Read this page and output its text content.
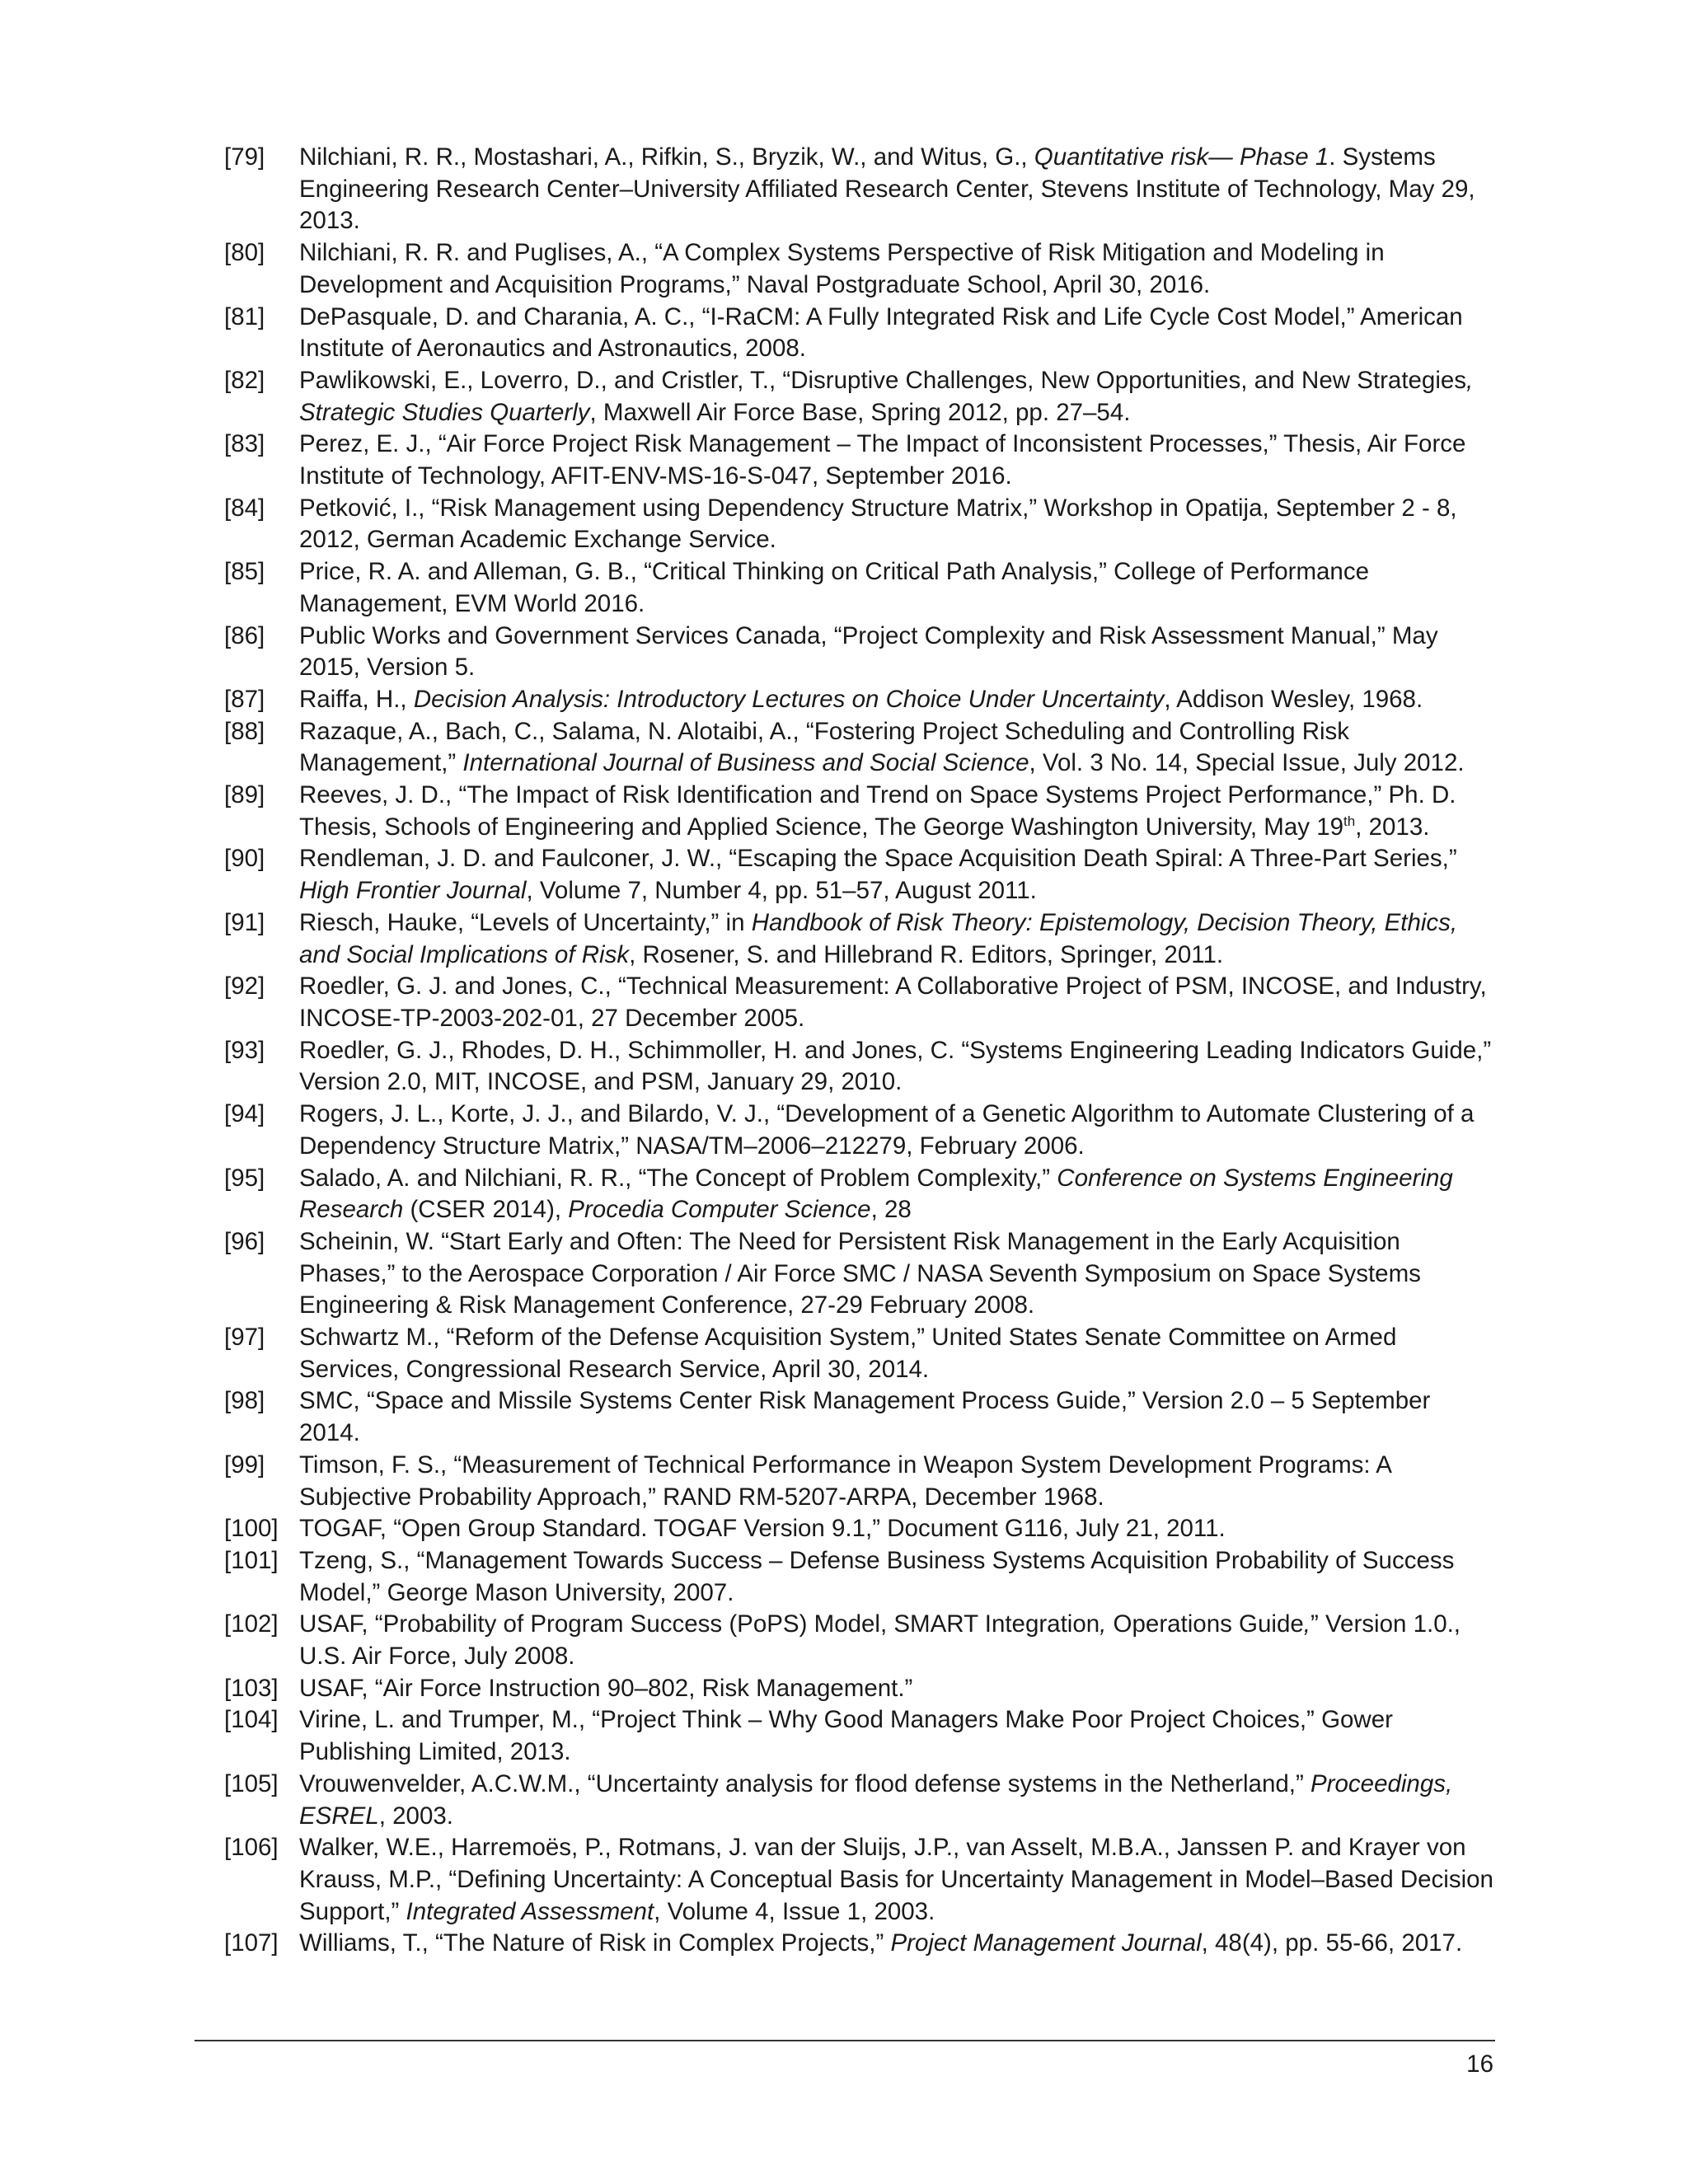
[79] Nilchiani, R. R., Mostashari, A., Rifkin, S., Bryzik, W., and Witus, G., Quantitative risk— Phase 1. Systems Engineering Research Center–University Affiliated Research Center, Stevens Institute of Technology, May 29, 2013.
[80] Nilchiani, R. R. and Puglises, A., “A Complex Systems Perspective of Risk Mitigation and Modeling in Development and Acquisition Programs,” Naval Postgraduate School, April 30, 2016.
[81] DePasquale, D. and Charania, A. C., “I-RaCM: A Fully Integrated Risk and Life Cycle Cost Model,” American Institute of Aeronautics and Astronautics, 2008.
[82] Pawlikowski, E., Loverro, D., and Cristler, T., “Disruptive Challenges, New Opportunities, and New Strategies, Strategic Studies Quarterly, Maxwell Air Force Base, Spring 2012, pp. 27–54.
[83] Perez, E. J., “Air Force Project Risk Management – The Impact of Inconsistent Processes,” Thesis, Air Force Institute of Technology, AFIT-ENV-MS-16-S-047, September 2016.
[84] Petković, I., “Risk Management using Dependency Structure Matrix,” Workshop in Opatija, September 2 - 8, 2012, German Academic Exchange Service.
[85] Price, R. A. and Alleman, G. B., “Critical Thinking on Critical Path Analysis,” College of Performance Management, EVM World 2016.
[86] Public Works and Government Services Canada, “Project Complexity and Risk Assessment Manual,” May 2015, Version 5.
[87] Raiffa, H., Decision Analysis: Introductory Lectures on Choice Under Uncertainty, Addison Wesley, 1968.
[88] Razaque, A., Bach, C., Salama, N. Alotaibi, A., “Fostering Project Scheduling and Controlling Risk Management,” International Journal of Business and Social Science, Vol. 3 No. 14, Special Issue, July 2012.
[89] Reeves, J. D., “The Impact of Risk Identification and Trend on Space Systems Project Performance,” Ph. D. Thesis, Schools of Engineering and Applied Science, The George Washington University, May 19th, 2013.
[90] Rendleman, J. D. and Faulconer, J. W., “Escaping the Space Acquisition Death Spiral: A Three-Part Series,” High Frontier Journal, Volume 7, Number 4, pp. 51–57, August 2011.
[91] Riesch, Hauke, “Levels of Uncertainty,” in Handbook of Risk Theory: Epistemology, Decision Theory, Ethics, and Social Implications of Risk, Rosener, S. and Hillebrand R. Editors, Springer, 2011.
[92] Roedler, G. J. and Jones, C., “Technical Measurement: A Collaborative Project of PSM, INCOSE, and Industry, INCOSE-TP-2003-202-01, 27 December 2005.
[93] Roedler, G. J., Rhodes, D. H., Schimmoller, H. and Jones, C. “Systems Engineering Leading Indicators Guide,” Version 2.0, MIT, INCOSE, and PSM, January 29, 2010.
[94] Rogers, J. L., Korte, J. J., and Bilardo, V. J., “Development of a Genetic Algorithm to Automate Clustering of a Dependency Structure Matrix,” NASA/TM–2006–212279, February 2006.
[95] Salado, A. and Nilchiani, R. R., “The Concept of Problem Complexity,” Conference on Systems Engineering Research (CSER 2014), Procedia Computer Science, 28
[96] Scheinin, W. “Start Early and Often: The Need for Persistent Risk Management in the Early Acquisition Phases,” to the Aerospace Corporation / Air Force SMC / NASA Seventh Symposium on Space Systems Engineering & Risk Management Conference, 27-29 February 2008.
[97] Schwartz M., “Reform of the Defense Acquisition System,” United States Senate Committee on Armed Services, Congressional Research Service, April 30, 2014.
[98] SMC, “Space and Missile Systems Center Risk Management Process Guide,” Version 2.0 – 5 September 2014.
[99] Timson, F. S., “Measurement of Technical Performance in Weapon System Development Programs: A Subjective Probability Approach,” RAND RM-5207-ARPA, December 1968.
[100] TOGAF, “Open Group Standard. TOGAF Version 9.1,” Document G116, July 21, 2011.
[101] Tzeng, S., “Management Towards Success – Defense Business Systems Acquisition Probability of Success Model,” George Mason University, 2007.
[102] USAF, “Probability of Program Success (PoPS) Model, SMART Integration, Operations Guide,” Version 1.0., U.S. Air Force, July 2008.
[103] USAF, “Air Force Instruction 90–802, Risk Management.”
[104] Virine, L. and Trumper, M., “Project Think – Why Good Managers Make Poor Project Choices,” Gower Publishing Limited, 2013.
[105] Vrouwenvelder, A.C.W.M., “Uncertainty analysis for flood defense systems in the Netherland,” Proceedings, ESREL, 2003.
[106] Walker, W.E., Harremoës, P., Rotmans, J. van der Sluijs, J.P., van Asselt, M.B.A., Janssen P. and Krayer von Krauss, M.P., “Defining Uncertainty: A Conceptual Basis for Uncertainty Management in Model–Based Decision Support,” Integrated Assessment, Volume 4, Issue 1, 2003.
[107] Williams, T., “The Nature of Risk in Complex Projects,” Project Management Journal, 48(4), pp. 55-66, 2017.
16
